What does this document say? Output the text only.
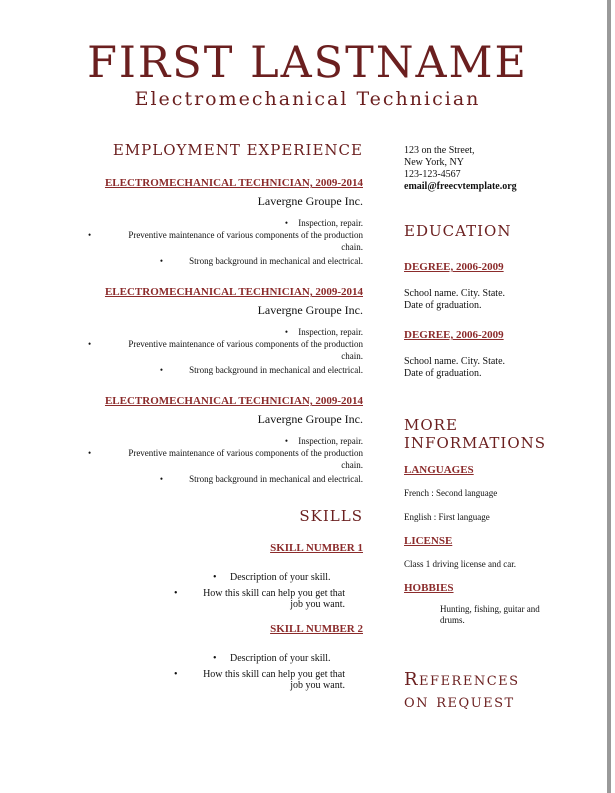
FIRST LASTNAME
Electromechanical Technician
EMPLOYMENT EXPERIENCE
ELECTROMECHANICAL TECHNICIAN, 2009-2014
Lavergne Groupe Inc.
• Inspection, repair.
•	Preventive maintenance of various components of the production chain.
•	Strong background in mechanical and electrical.
ELECTROMECHANICAL TECHNICIAN, 2009-2014
Lavergne Groupe Inc.
• Inspection, repair.
•	Preventive maintenance of various components of the production chain.
•	Strong background in mechanical and electrical.
ELECTROMECHANICAL TECHNICIAN, 2009-2014
Lavergne Groupe Inc.
• Inspection, repair.
•	Preventive maintenance of various components of the production chain.
•	Strong background in mechanical and electrical.
SKILLS
SKILL NUMBER 1
• Description of your skill.
•	How this skill can help you get that job you want.
SKILL NUMBER 2
• Description of your skill.
•	How this skill can help you get that job you want.
123 on the Street,
New York, NY
123-123-4567
email@freecvtemplate.org
EDUCATION
DEGREE, 2006-2009
School name. City. State.
Date of graduation.
DEGREE, 2006-2009
School name. City. State.
Date of graduation.
MORE
INFORMATIONS
LANGUAGES
French : Second language
English : First language
LICENSE
Class 1 driving license and car.
HOBBIES
Hunting, fishing, guitar and drums.
References
on request
